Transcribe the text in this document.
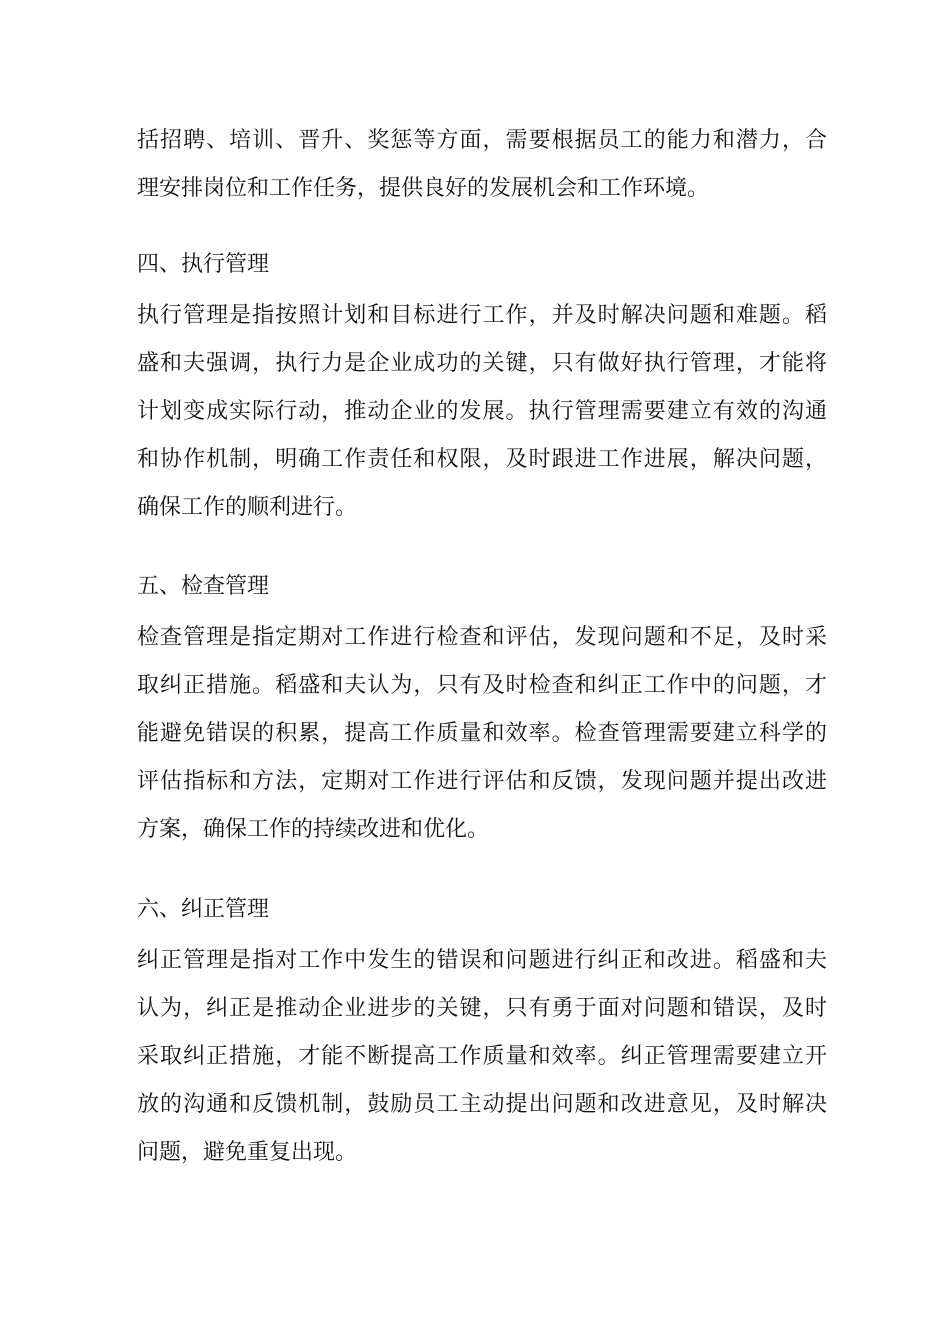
括招聘、培训、晋升、奖惩等方面，需要根据员工的能力和潜力，合
理安排岗位和工作任务，提供良好的发展机会和工作环境。

四、执行管理

执行管理是指按照计划和目标进行工作，并及时解决问题和难题。稻
盛和夫强调，执行力是企业成功的关键，只有做好执行管理，才能将
计划变成实际行动，推动企业的发展。执行管理需要建立有效的沟通
和协作机制，明确工作责任和权限，及时跟进工作进展，解决问题，
确保工作的顺利进行。

五、检查管理

检查管理是指定期对工作进行检查和评估，发现问题和不足，及时采
取纠正措施。稻盛和夫认为，只有及时检查和纠正工作中的问题，才
能避免错误的积累，提高工作质量和效率。检查管理需要建立科学的
评估指标和方法，定期对工作进行评估和反馈，发现问题并提出改进
方案，确保工作的持续改进和优化。

六、纠正管理

纠正管理是指对工作中发生的错误和问题进行纠正和改进。稻盛和夫
认为，纠正是推动企业进步的关键，只有勇于面对问题和错误，及时
采取纠正措施，才能不断提高工作质量和效率。纠正管理需要建立开
放的沟通和反馈机制，鼓励员工主动提出问题和改进意见，及时解决
问题，避免重复出现。
